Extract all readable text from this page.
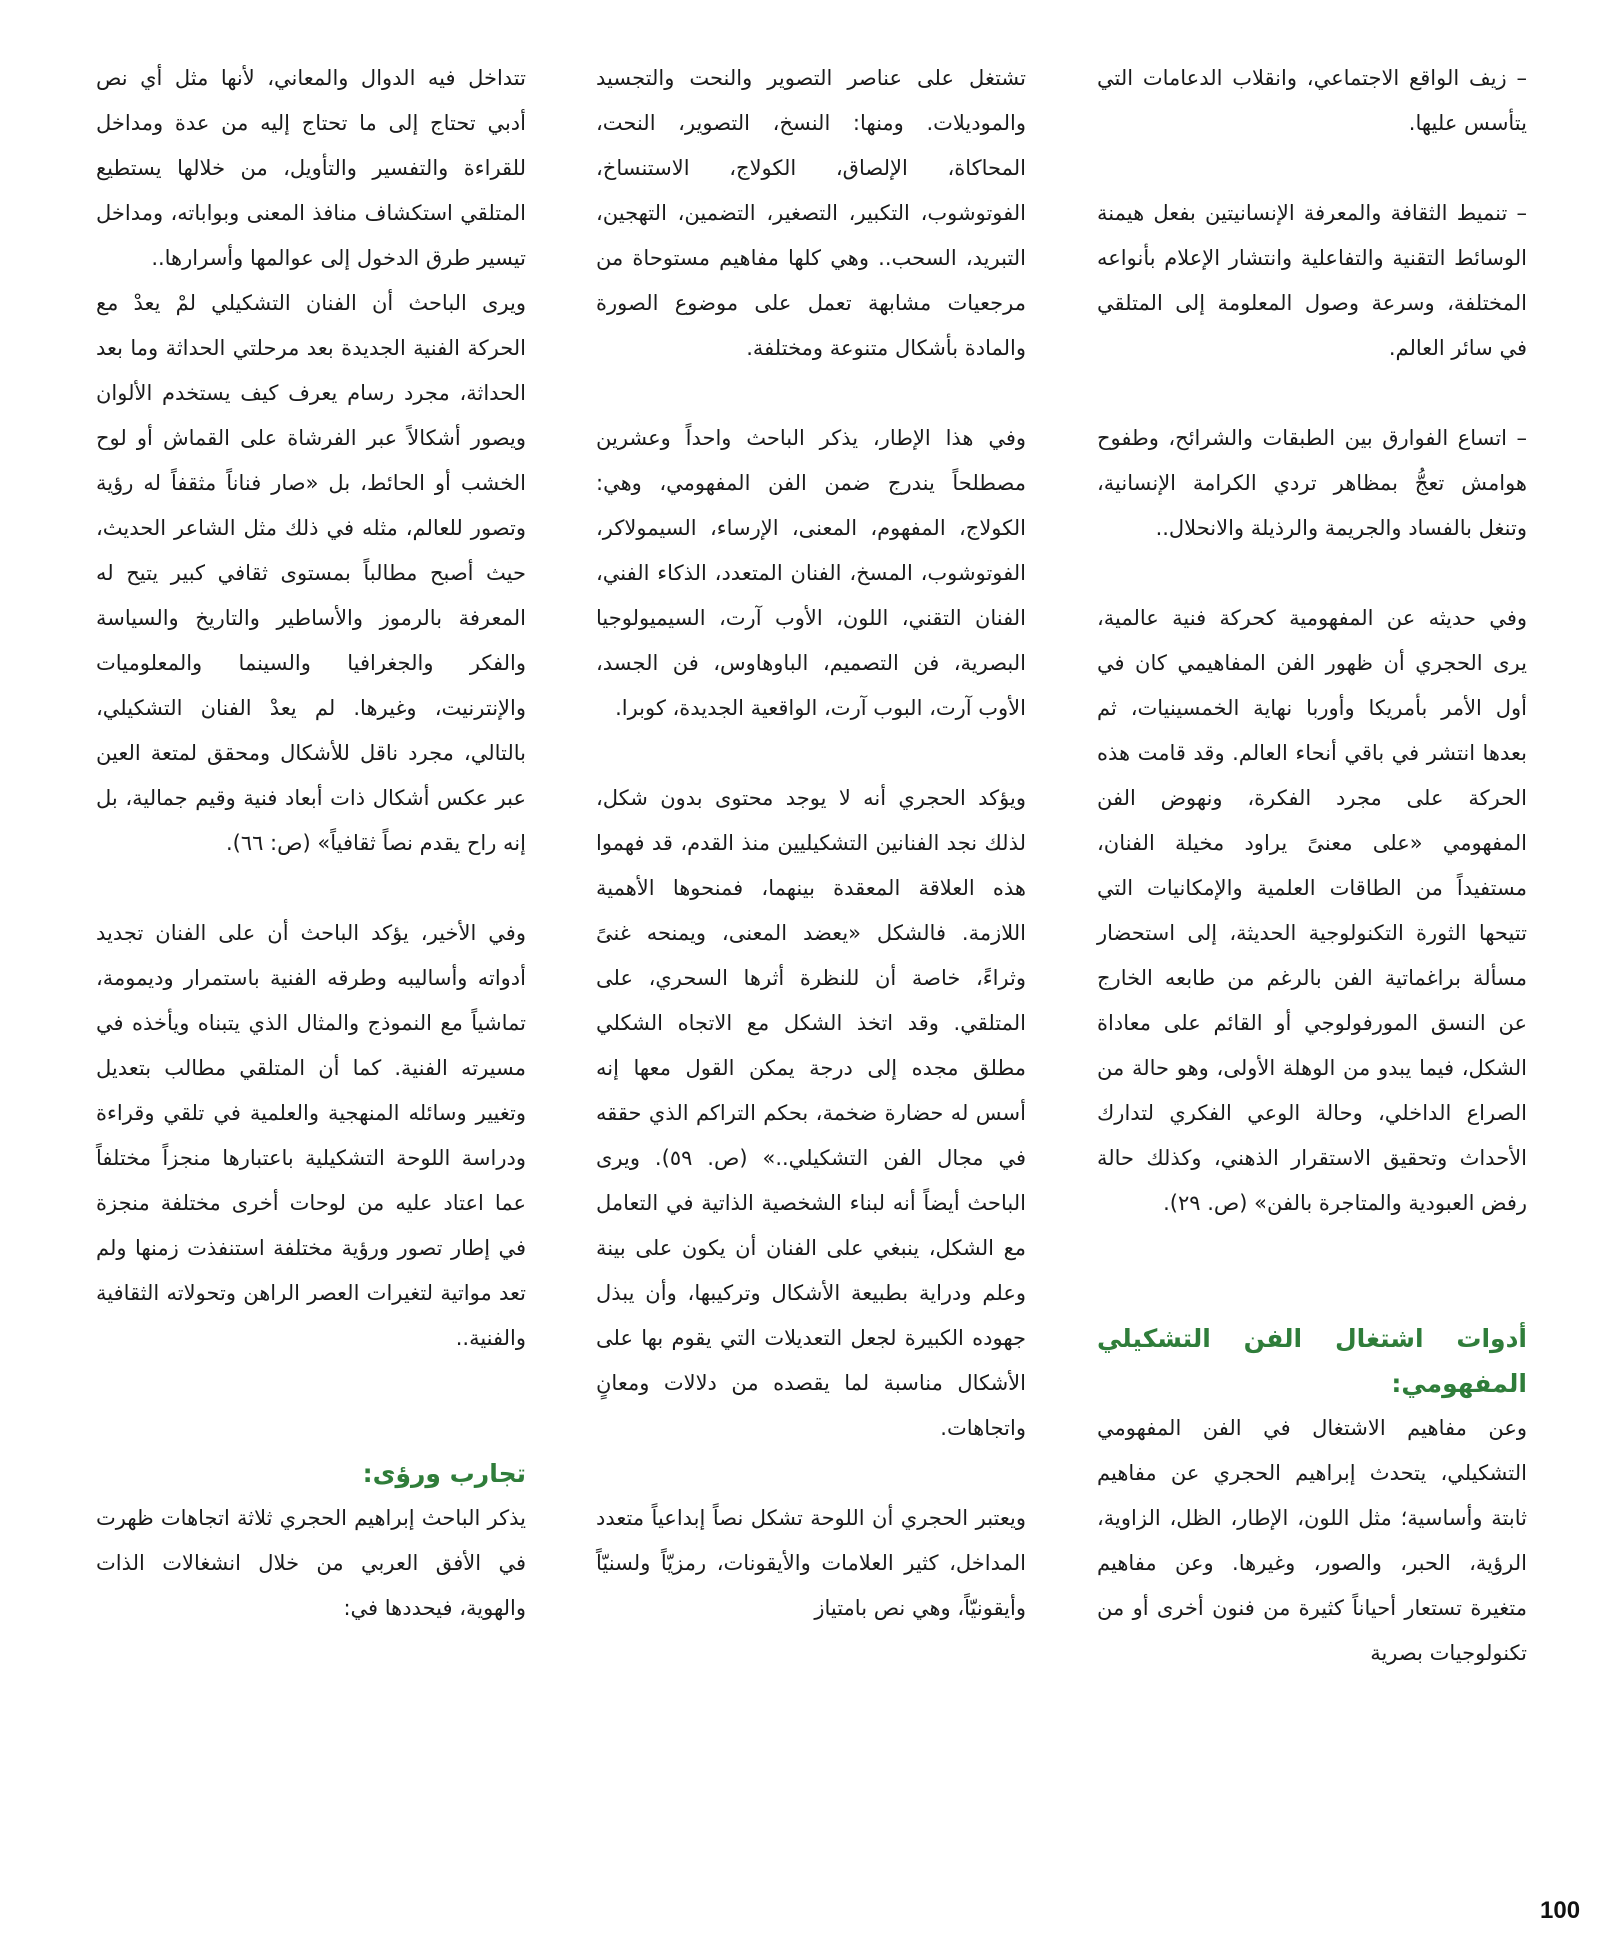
– زيف الواقع الاجتماعي، وانقلاب الدعامات التي يتأسس عليها.

– تنميط الثقافة والمعرفة الإنسانيتين بفعل هيمنة الوسائط التقنية والتفاعلية وانتشار الإعلام بأنواعه المختلفة، وسرعة وصول المعلومة إلى المتلقي في سائر العالم.

– اتساع الفوارق بين الطبقات والشرائح، وطفوح هوامش تعجُّ بمظاهر تردي الكرامة الإنسانية، وتنغل بالفساد والجريمة والرذيلة والانحلال..

وفي حديثه عن المفهومية كحركة فنية عالمية، يرى الحجري أن ظهور الفن المفاهيمي كان في أول الأمر بأمريكا وأوربا نهاية الخمسينيات، ثم بعدها انتشر في باقي أنحاء العالم. وقد قامت هذه الحركة على مجرد الفكرة، ونهوض الفن المفهومي «على معنىً يراود مخيلة الفنان، مستفيداً من الطاقات العلمية والإمكانيات التي تتيحها الثورة التكنولوجية الحديثة، إلى استحضار مسألة براغماتية الفن بالرغم من طابعه الخارج عن النسق المورفولوجي أو القائم على معاداة الشكل، فيما يبدو من الوهلة الأولى، وهو حالة من الصراع الداخلي، وحالة الوعي الفكري لتدارك الأحداث وتحقيق الاستقرار الذهني، وكذلك حالة رفض العبودية والمتاجرة بالفن» (ص. ٢٩).

أدوات اشتغال الفن التشكيلي المفهومي:

وعن مفاهيم الاشتغال في الفن المفهومي التشكيلي، يتحدث إبراهيم الحجري عن مفاهيم ثابتة وأساسية؛ مثل اللون، الإطار، الظل، الزاوية، الرؤية، الحبر، والصور، وغيرها. وعن مفاهيم متغيرة تستعار أحياناً كثيرة من فنون أخرى أو من تكنولوجيات بصرية

تشتغل على عناصر التصوير والنحت والتجسيد والموديلات. ومنها: النسخ، التصوير، النحت، المحاكاة، الإلصاق، الكولاج، الاستنساخ، الفوتوشوب، التكبير، التصغير، التضمين، التهجين، التبريد، السحب.. وهي كلها مفاهيم مستوحاة من مرجعيات مشابهة تعمل على موضوع الصورة والمادة بأشكال متنوعة ومختلفة.

وفي هذا الإطار، يذكر الباحث واحداً وعشرين مصطلحاً يندرج ضمن الفن المفهومي، وهي: الكولاج، المفهوم، المعنى، الإرساء، السيمولاكر، الفوتوشوب، المسخ، الفنان المتعدد، الذكاء الفني، الفنان التقني، اللون، الأوب آرت، السيميولوجيا البصرية، فن التصميم، الباوهاوس، فن الجسد، الأوب آرت، البوب آرت، الواقعية الجديدة، كوبرا.

ويؤكد الحجري أنه لا يوجد محتوى بدون شكل، لذلك نجد الفنانين التشكيليين منذ القدم، قد فهموا هذه العلاقة المعقدة بينهما، فمنحوها الأهمية اللازمة. فالشكل «يعضد المعنى، ويمنحه غنىً وثراءً، خاصة أن للنظرة أثرها السحري، على المتلقي. وقد اتخذ الشكل مع الاتجاه الشكلي مطلق مجده إلى درجة يمكن القول معها إنه أسس له حضارة ضخمة، بحكم التراكم الذي حققه في مجال الفن التشكيلي..» (ص. ٥٩). ويرى الباحث أيضاً أنه لبناء الشخصية الذاتية في التعامل مع الشكل، ينبغي على الفنان أن يكون على بينة وعلم ودراية بطبيعة الأشكال وتركيبها، وأن يبذل جهوده الكبيرة لجعل التعديلات التي يقوم بها على الأشكال مناسبة لما يقصده من دلالات ومعانٍ واتجاهات.

ويعتبر الحجري أن اللوحة تشكل نصاً إبداعياً متعدد المداخل، كثير العلامات والأيقونات، رمزيّاً ولسنيّاً وأيقونيّاً، وهي نص بامتياز

تتداخل فيه الدوال والمعاني، لأنها مثل أي نص أدبي تحتاج إلى ما تحتاج إليه من عدة ومداخل للقراءة والتفسير والتأويل، من خلالها يستطيع المتلقي استكشاف منافذ المعنى وبواباته، ومداخل تيسير طرق الدخول إلى عوالمها وأسرارها..

ويرى الباحث أن الفنان التشكيلي لمْ يعدْ مع الحركة الفنية الجديدة بعد مرحلتي الحداثة وما بعد الحداثة، مجرد رسام يعرف كيف يستخدم الألوان ويصور أشكالاً عبر الفرشاة على القماش أو لوح الخشب أو الحائط، بل «صار فناناً مثقفاً له رؤية وتصور للعالم، مثله في ذلك مثل الشاعر الحديث، حيث أصبح مطالباً بمستوى ثقافي كبير يتيح له المعرفة بالرموز والأساطير والتاريخ والسياسة والفكر والجغرافيا والسينما والمعلوميات والإنترنيت، وغيرها. لم يعدْ الفنان التشكيلي، بالتالي، مجرد ناقل للأشكال ومحقق لمتعة العين عبر عكس أشكال ذات أبعاد فنية وقيم جمالية، بل إنه راح يقدم نصاً ثقافياً» (ص: ٦٦).

وفي الأخير، يؤكد الباحث أن على الفنان تجديد أدواته وأساليبه وطرقه الفنية باستمرار وديمومة، تماشياً مع النموذج والمثال الذي يتبناه ويأخذه في مسيرته الفنية. كما أن المتلقي مطالب بتعديل وتغيير وسائله المنهجية والعلمية في تلقي وقراءة ودراسة اللوحة التشكيلية باعتبارها منجزاً مختلفاً عما اعتاد عليه من لوحات أخرى مختلفة منجزة في إطار تصور ورؤية مختلفة استنفذت زمنها ولم تعد مواتية لتغيرات العصر الراهن وتحولاته الثقافية والفنية..

تجارب ورؤى:

يذكر الباحث إبراهيم الحجري ثلاثة اتجاهات ظهرت في الأفق العربي من خلال انشغالات الذات والهوية، فيحددها في:

100
